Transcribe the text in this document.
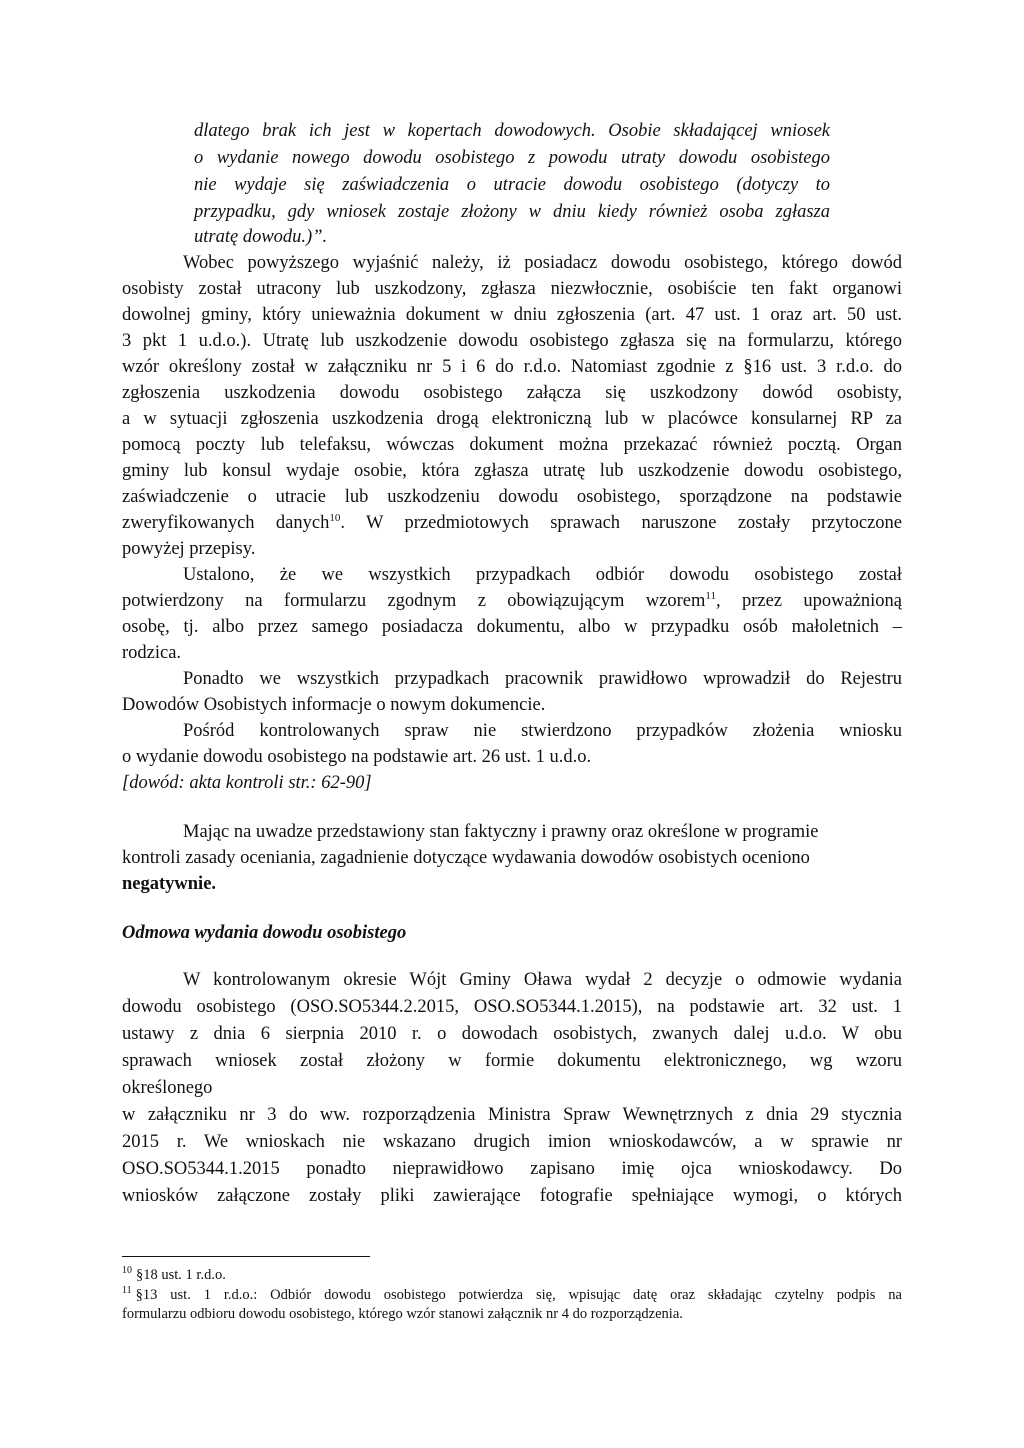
dlatego brak ich jest w kopertach dowodowych. Osobie składającej wniosek
o wydanie nowego dowodu osobistego z powodu utraty dowodu osobistego
nie wydaje się zaświadczenia o utracie dowodu osobistego (dotyczy to
przypadku, gdy wniosek zostaje złożony w dniu kiedy również osoba zgłasza
utratę dowodu.)”.
Wobec powyższego wyjaśnić należy, iż posiadacz dowodu osobistego, którego dowód
osobisty został utracony lub uszkodzony, zgłasza niezwłocznie, osobiście ten fakt organowi
dowolnej gminy, który unieważnia dokument w dniu zgłoszenia (art. 47 ust. 1 oraz art. 50 ust.
3 pkt 1 u.d.o.). Utratę lub uszkodzenie dowodu osobistego zgłasza się na formularzu, którego
wzór określony został w załączniku nr 5 i 6 do r.d.o. Natomiast zgodnie z §16 ust. 3 r.d.o. do
zgłoszenia uszkodzenia dowodu osobistego załącza się uszkodzony dowód osobisty,
a w sytuacji zgłoszenia uszkodzenia drogą elektroniczną lub w placówce konsularnej RP za
pomocą poczty lub telefaksu, wówczas dokument można przekazać również pocztą. Organ
gminy lub konsul wydaje osobie, która zgłasza utratę lub uszkodzenie dowodu osobistego,
zaświadczenie o utracie lub uszkodzeniu dowodu osobistego, sporządzone na podstawie
zweryfikowanych danych$^{10}$. W przedmiotowych sprawach naruszone zostały przytoczone
powyżej przepisy.
Ustalono, że we wszystkich przypadkach odbiór dowodu osobistego został
potwierdzony na formularzu zgodnym z obowiązującym wzorem$^{11}$, przez upoważnioną
osobę, tj. albo przez samego posiadacza dokumentu, albo w przypadku osób małoletnich –
rodzica.
Ponadto we wszystkich przypadkach pracownik prawidłowo wprowadził do Rejestru
Dowodów Osobistych informacje o nowym dokumencie.
Pośród kontrolowanych spraw nie stwierdzono przypadków złożenia wniosku
o wydanie dowodu osobistego na podstawie art. 26 ust. 1 u.d.o.
[dowód: akta kontroli str.: 62-90]
Mając na uwadze przedstawiony stan faktyczny i prawny oraz określone w programie
kontroli zasady oceniania, zagadnienie dotyczące wydawania dowodów osobistych oceniono
negatywnie.
Odmowa wydania dowodu osobistego
W kontrolowanym okresie Wójt Gminy Oława wydał 2 decyzje o odmowie wydania
dowodu osobistego (OSO.SO5344.2.2015, OSO.SO5344.1.2015), na podstawie art. 32 ust. 1
ustawy z dnia 6 sierpnia 2010 r. o dowodach osobistych, zwanych dalej u.d.o. W obu
sprawach wniosek został złożony w formie dokumentu elektronicznego, wg wzoru
określonego
w załączniku nr 3 do ww. rozporządzenia Ministra Spraw Wewnętrznych z dnia 29 stycznia
2015 r. We wnioskach nie wskazano drugich imion wnioskodawców, a w sprawie nr
OSO.SO5344.1.2015 ponadto nieprawidłowo zapisano imię ojca wnioskodawcy. Do
wniosków załączone zostały pliki zawierające fotografie spełniające wymogi, o których
$^{10}$ §18 ust. 1 r.d.o.
$^{11}$ §13 ust. 1 r.d.o.: Odbiór dowodu osobistego potwierdza się, wpisując datę oraz składając czytelny podpis na
formularzu odbioru dowodu osobistego, którego wzór stanowi załącznik nr 4 do rozporządzenia.
